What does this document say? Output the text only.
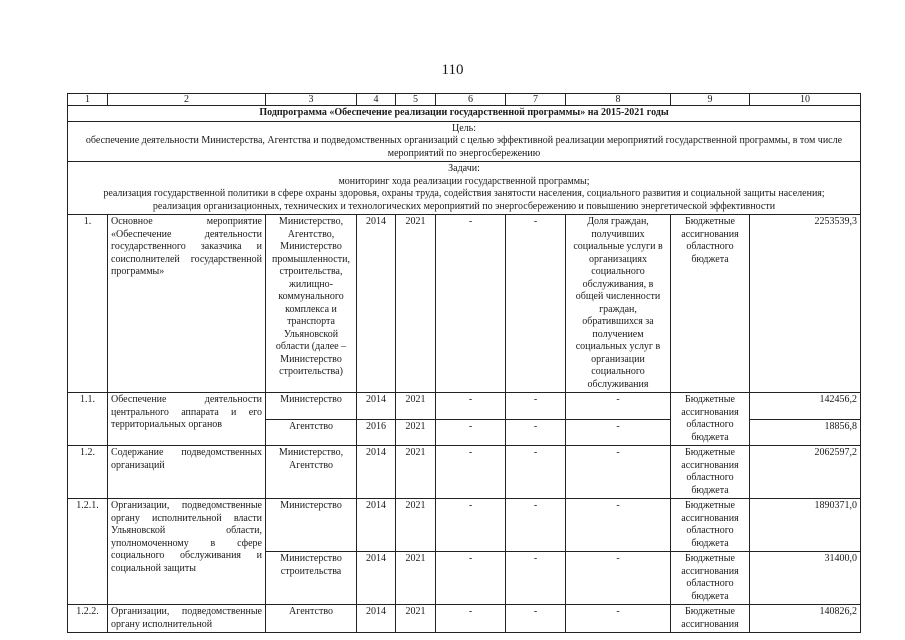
110
1	2	3	4	5	6	7	8	9	10
Подпрограмма «Обеспечение реализации государственной программы» на 2015-2021 годы									

Цель:
обеспечение деятельности Министерства, Агентства и подведомственных организаций с целью эффективной реализации мероприятий государственной программы, в том числе мероприятий по энергосбережению									

Задачи:
мониторинг хода реализации государственной программы;
реализация государственной политики в сфере охраны здоровья, охраны труда, содействия занятости населения, социального развития и социальной защиты населения;
реализация организационных, технических и технологических мероприятий по энергосбережению и повышению энергетической эффективности									

1.	Основное мероприятие «Обеспечение деятельности государственного заказчика и соисполнителей государственной программы»	Министерство, Агентство, Министерство промышленности, строительства, жилищно-коммунального комплекса и транспорта Ульяновской области (далее – Министерство строительства)	2014	2021	-	-	Доля граждан, получивших социальные услуги в организациях социального обслуживания, в общей численности граждан, обратившихся за получением социальных услуг в организации социального обслуживания	Бюджетные ассигнования областного бюджета	2253539,3
1.1.	Обеспечение деятельности центрального аппарата и его территориальных органов	Министерство	2014	2021	-	-	-	Бюджетные ассигнования областного бюджета	142456,2
		Агентство	2016	2021	-	-	-		18856,8
1.2.	Содержание подведомственных организаций	Министерство, Агентство	2014	2021	-	-	-	Бюджетные ассигнования областного бюджета	2062597,2
1.2.1.	Организации, подведомственные органу исполнительной власти Ульяновской области, уполномоченному в сфере социального обслуживания и социальной защиты	Министерство	2014	2021	-	-	-	Бюджетные ассигнования областного бюджета	1890371,0
		Министерство строительства	2014	2021	-	-	-	Бюджетные ассигнования областного бюджета	31400,0
1.2.2.	Организации, подведомственные органу исполнительной	Агентство	2014	2021	-	-	-	Бюджетные ассигнования	140826,2
